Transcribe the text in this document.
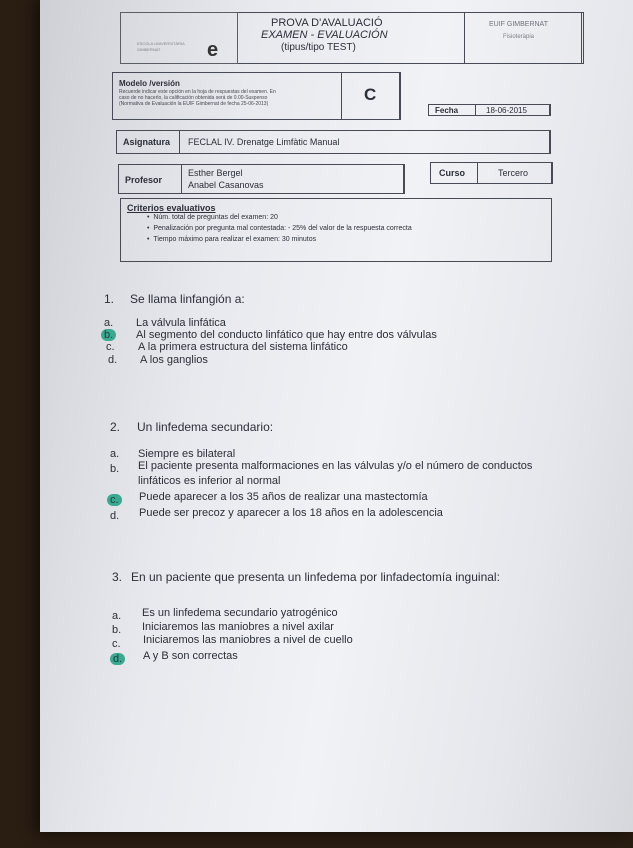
ESCOLA UNIVERSITÀRIA GIMBERNAT	e
PROVA D'AVALUACIÓ
EXAMEN - EVALUACIÓN
(tipus/tipo TEST)
EUIF GIMBERNAT
Fisioteràpia
Modelo /versión
Recuerde indicar este opción en la hoja de respuestas del examen. En
caso de no hacerlo, la calificación obtenida será de 0.00-Suspenso
(Normativa de Evaluación la EUIF Gimbernat de fecha 25-06-2013)	C
Fecha	18-06-2015
Asignatura FECLAL IV. Drenatge Limfàtic Manual
Profesor
Esther Bergel
Anabel Casanovas
Curso	Tercero
Criterios evaluativos
•  Núm. total de preguntas del examen: 20
•  Penalización por pregunta mal contestada: - 25% del valor de la respuesta correcta
•  Tiempo máximo para realizar el examen: 30 minutos
1. Se llama linfangión a:
a. La válvula linfática
b. Al segmento del conducto linfático que hay entre dos válvulas
c. A la primera estructura del sistema linfático
d. A los ganglios
2. Un linfedema secundario:
a. Siempre es bilateral
b. El paciente presenta malformaciones en las válvulas y/o el número de conductos
linfáticos es inferior al normal
c. Puede aparecer a los 35 años de realizar una mastectomía
d. Puede ser precoz y aparecer a los 18 años en la adolescencia
3. En un paciente que presenta un linfedema por linfadectomía inguinal:
a. Es un linfedema secundario yatrogénico
b. Iniciaremos las maniobres a nivel axilar
c. Iniciaremos las maniobres a nivel de cuello
d. A y B son correctas
